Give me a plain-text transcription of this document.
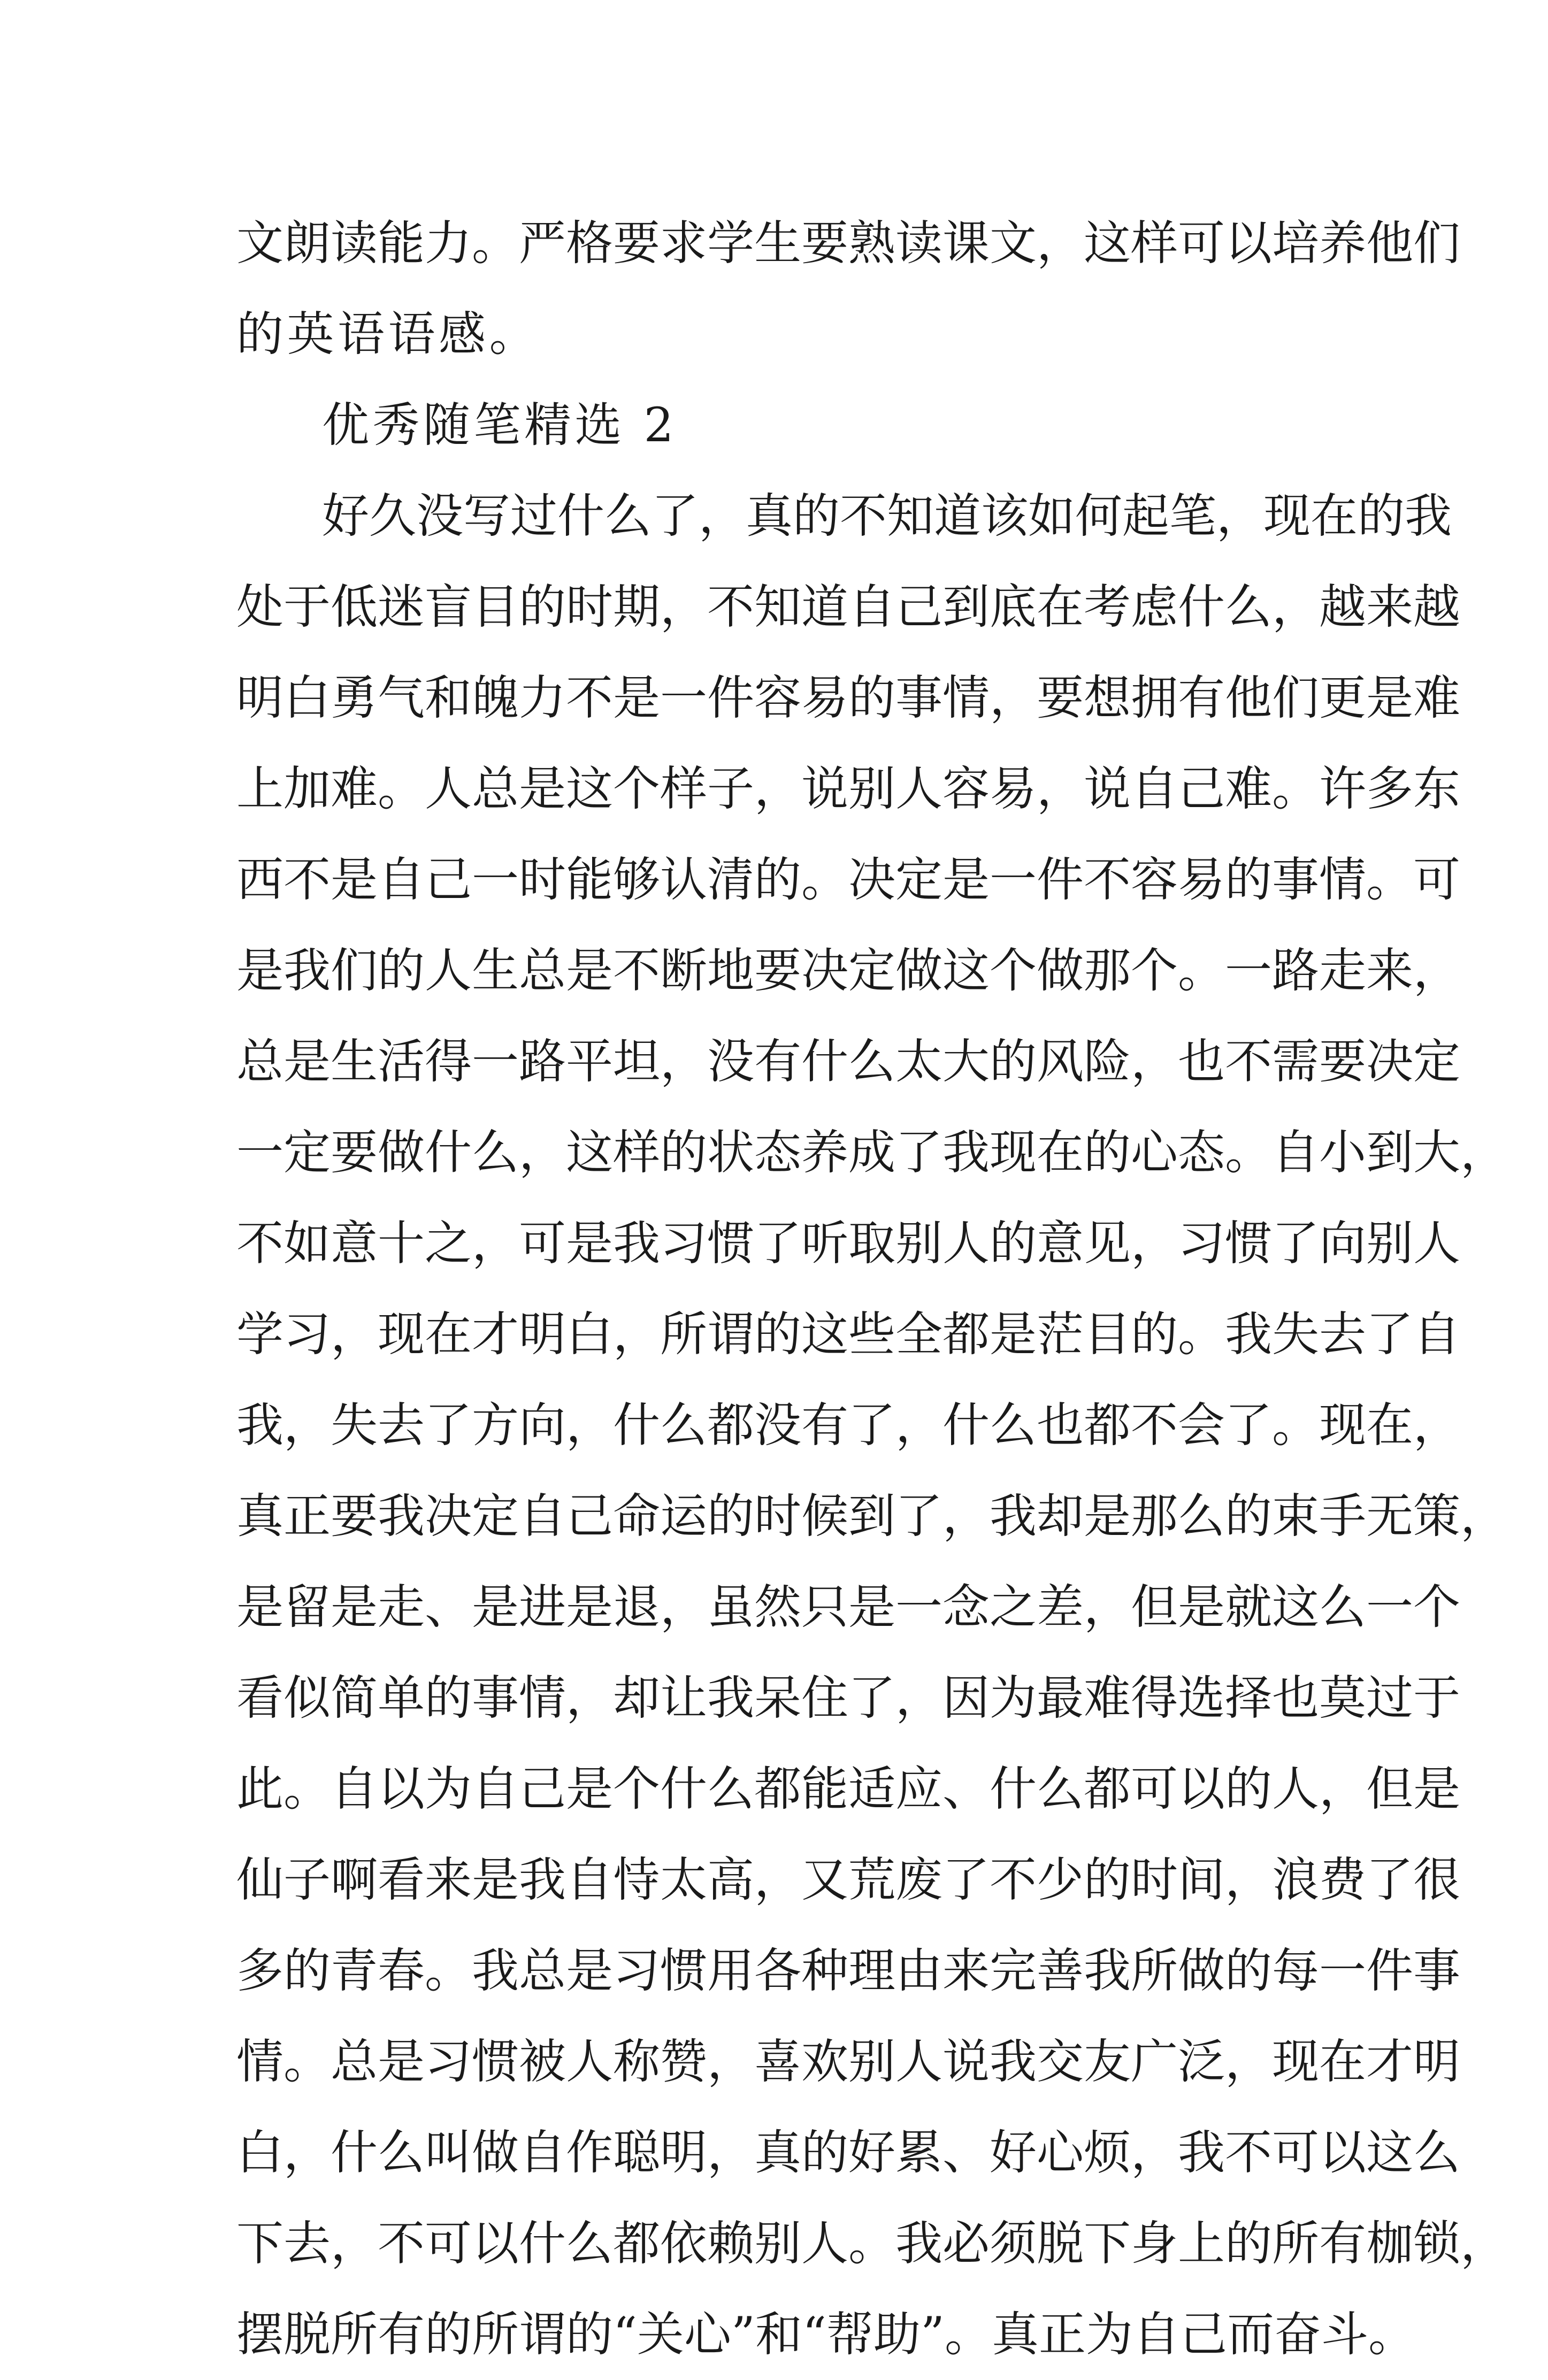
文朗读能力。严格要求学生要熟读课文，这样可以培养他们
的英语语感。
优秀随笔精选 2
好久没写过什么了，真的不知道该如何起笔，现在的我
处于低迷盲目的时期，不知道自己到底在考虑什么，越来越
明白勇气和魄力不是一件容易的事情，要想拥有他们更是难
上加难。人总是这个样子，说别人容易，说自己难。许多东
西不是自己一时能够认清的。决定是一件不容易的事情。可
是我们的人生总是不断地要决定做这个做那个。一路走来，
总是生活得一路平坦，没有什么太大的风险，也不需要决定
一定要做什么，这样的状态养成了我现在的心态。自小到大，
不如意十之，可是我习惯了听取别人的意见，习惯了向别人
学习，现在才明白，所谓的这些全都是茫目的。我失去了自
我，失去了方向，什么都没有了，什么也都不会了。现在，
真正要我决定自己命运的时候到了，我却是那么的束手无策，
是留是走、是进是退，虽然只是一念之差，但是就这么一个
看似简单的事情，却让我呆住了，因为最难得选择也莫过于
此。自以为自己是个什么都能适应、什么都可以的人，但是
仙子啊看来是我自恃太高，又荒废了不少的时间，浪费了很
多的青春。我总是习惯用各种理由来完善我所做的每一件事
情。总是习惯被人称赞，喜欢别人说我交友广泛，现在才明
白，什么叫做自作聪明，真的好累、好心烦，我不可以这么
下去，不可以什么都依赖别人。我必须脱下身上的所有枷锁，
摆脱所有的所谓的“关心”和“帮助”。真正为自己而奋斗。
